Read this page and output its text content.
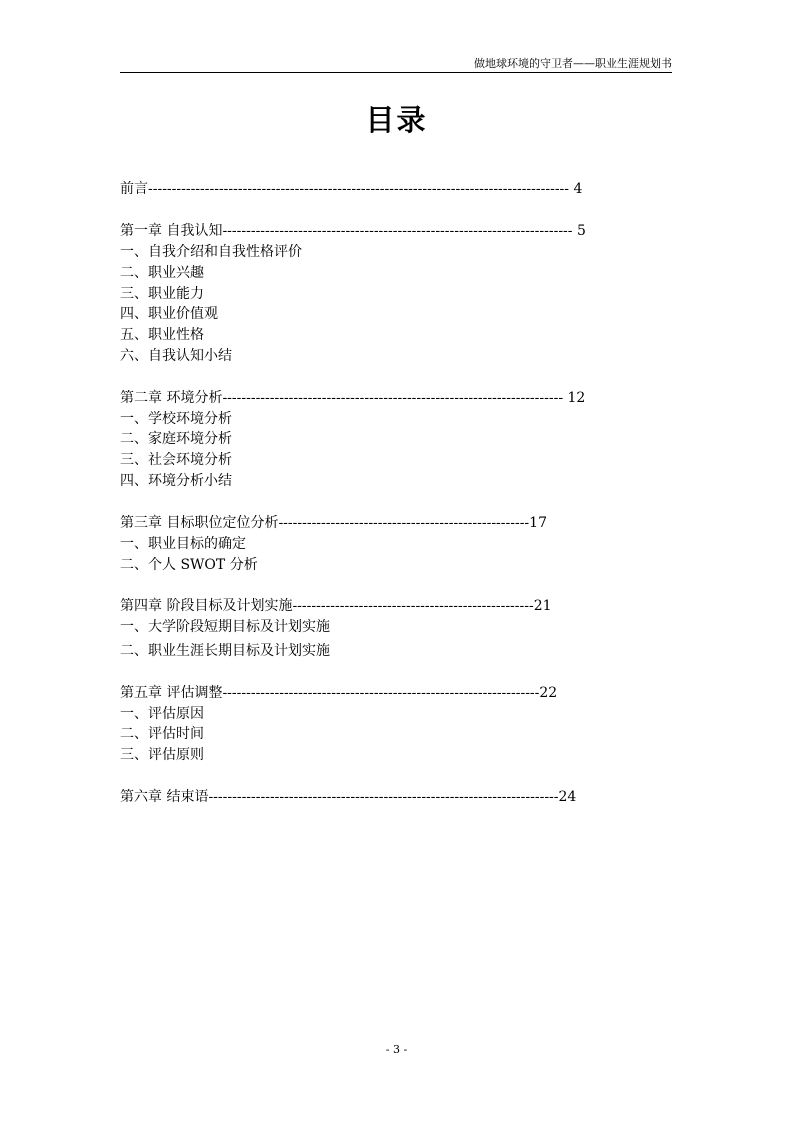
做地球环境的守卫者——职业生涯规划书
目录
前言----------------------------------------------------------------------------------------- 4
第一章 自我认知-------------------------------------------------------------------------- 5
一、自我介绍和自我性格评价
二、职业兴趣
三、职业能力
四、职业价值观
五、职业性格
六、自我认知小结
第二章 环境分析------------------------------------------------------------------------ 12
一、学校环境分析
二、家庭环境分析
三、社会环境分析
四、环境分析小结
第三章 目标职位定位分析-----------------------------------------------------17
一、职业目标的确定
二、个人 SWOT 分析
第四章 阶段目标及计划实施---------------------------------------------------21
一、大学阶段短期目标及计划实施
二、职业生涯长期目标及计划实施
第五章 评估调整-------------------------------------------------------------------22
一、评估原因
二、评估时间
三、评估原则
第六章 结束语--------------------------------------------------------------------------24
- 3 -
